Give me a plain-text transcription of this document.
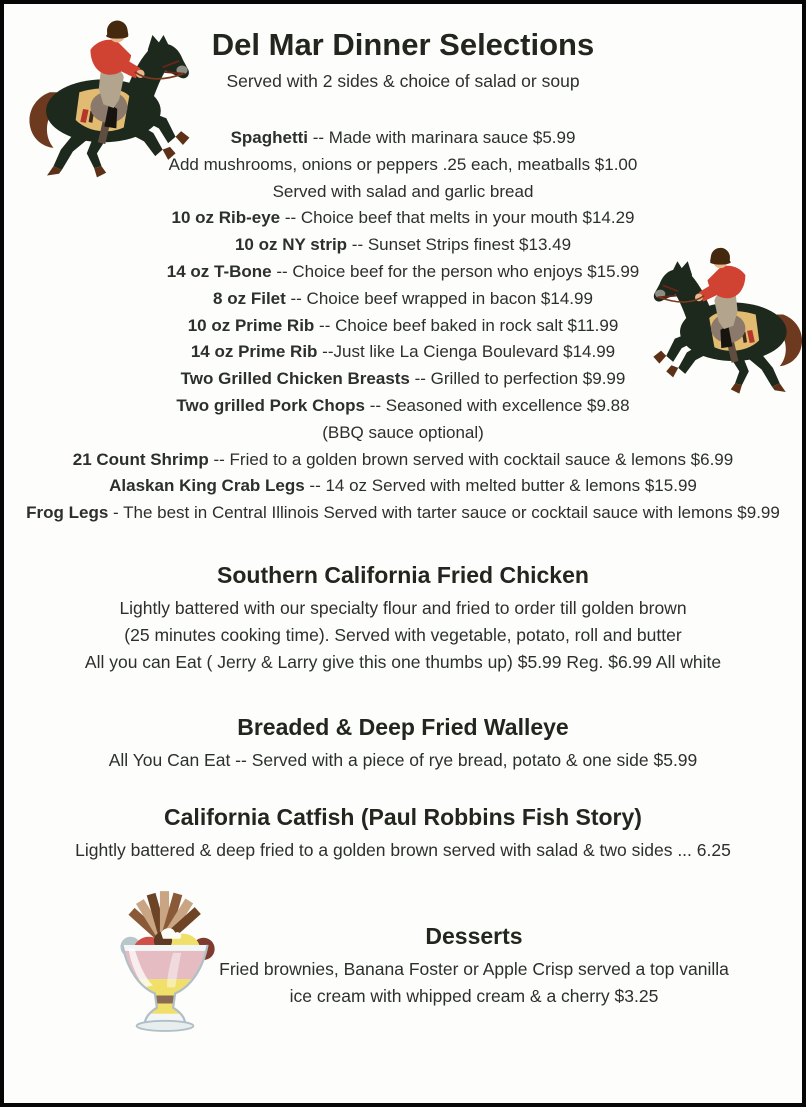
Del Mar Dinner Selections
Served with 2 sides & choice of salad or soup
Spaghetti -- Made with marinara sauce $5.99
Add mushrooms, onions or peppers .25 each, meatballs $1.00
Served with salad and garlic bread
10 oz Rib-eye -- Choice beef that melts in your mouth $14.29
10 oz NY strip -- Sunset Strips finest $13.49
14 oz T-Bone -- Choice beef for the person who enjoys $15.99
8 oz Filet -- Choice beef wrapped in bacon $14.99
10 oz Prime Rib -- Choice beef baked in rock salt $11.99
14 oz Prime Rib --Just like La Cienga Boulevard $14.99
Two Grilled Chicken Breasts -- Grilled to perfection $9.99
Two grilled Pork Chops -- Seasoned with excellence $9.88
(BBQ sauce optional)
21 Count Shrimp -- Fried to a golden brown served with cocktail sauce & lemons $6.99
Alaskan King Crab Legs -- 14 oz Served with melted butter & lemons $15.99
Frog Legs - The best in Central Illinois Served with tarter sauce or cocktail sauce with lemons $9.99
Southern California Fried Chicken
Lightly battered with our specialty flour and fried to order till golden brown
(25 minutes cooking time). Served with vegetable, potato, roll and butter
All you can Eat ( Jerry & Larry give this one thumbs up) $5.99 Reg. $6.99 All white
Breaded & Deep Fried Walleye
All You Can Eat -- Served with a piece of rye bread, potato & one side $5.99
California Catfish (Paul Robbins Fish Story)
Lightly battered & deep fried to a golden brown served with salad & two sides ... 6.25
Desserts
Fried brownies, Banana Foster or Apple Crisp served a top vanilla
ice cream with whipped cream & a cherry $3.25
